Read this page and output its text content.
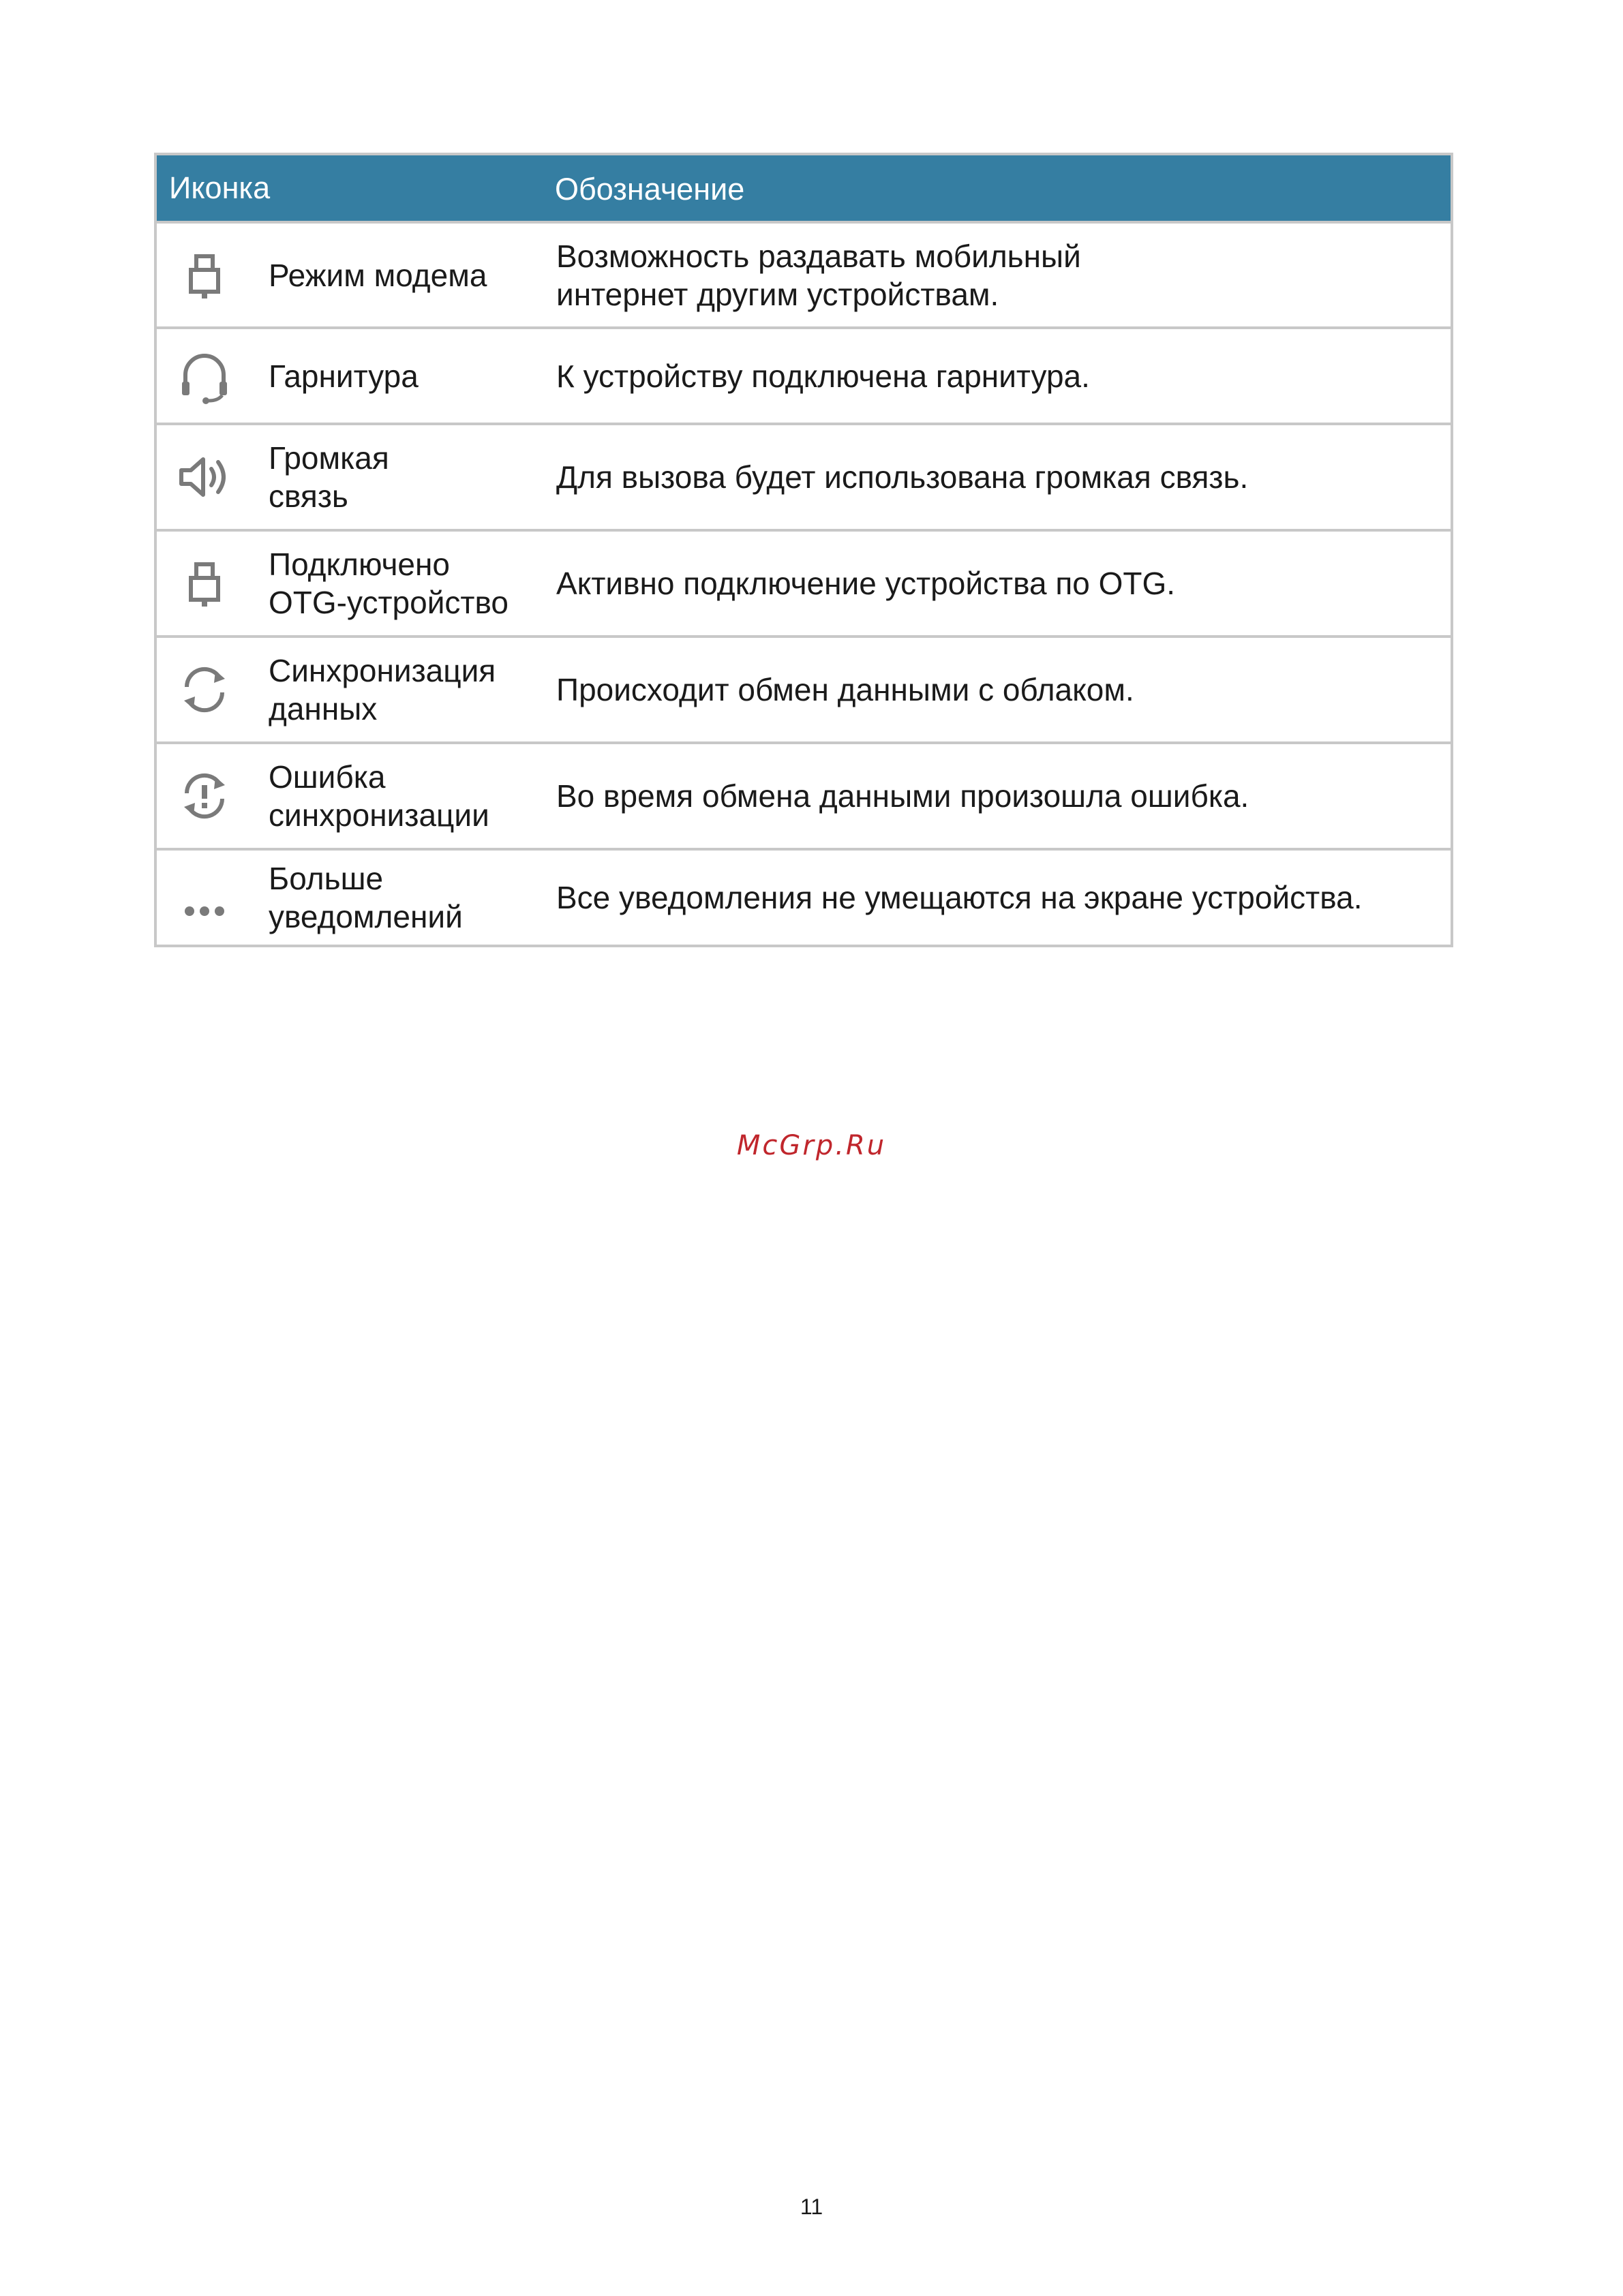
Иконка	Обозначение
Режим модема
Возможность раздавать мобильный
интернет другим устройствам.
Гарнитура	К устройству подключена гарнитура.
Громкая
связь
Для вызова будет использована громкая связь.
Подключено
OTG-устройство
Активно подключение устройства по OTG.
Синхронизация
данных
Происходит обмен данными с облаком.
Ошибка
синхронизации
Во время обмена данными произошла ошибка.
Больше
уведомлений
Все уведомления не умещаются на экране устройства.
McGrp.Ru
11
